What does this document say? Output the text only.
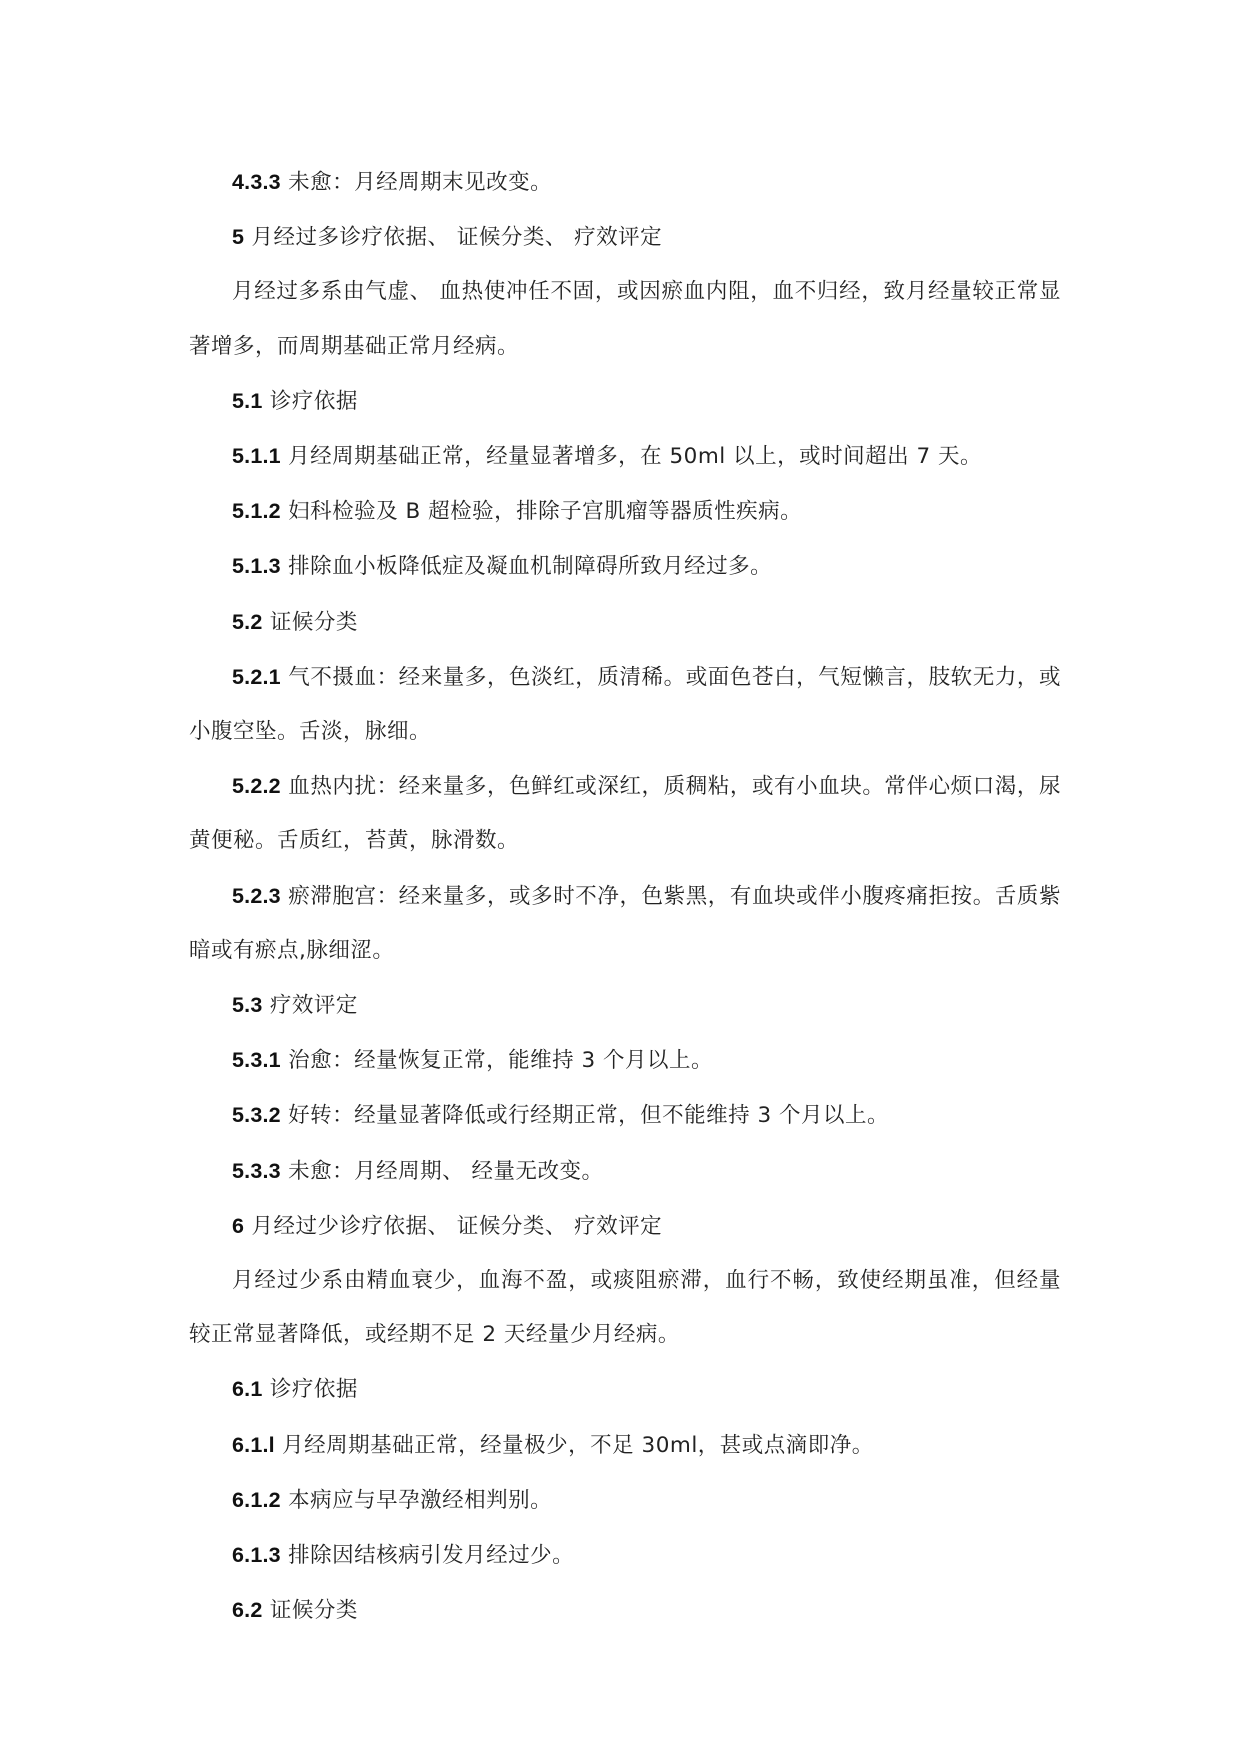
4.3.3 未愈：月经周期末见改变。

5 月经过多诊疗依据、 证候分类、 疗效评定

月经过多系由气虚、 血热使冲任不固，或因瘀血内阻，血不归经，致月经量较正常显著增多，而周期基础正常月经病。

5.1 诊疗依据

5.1.1 月经周期基础正常，经量显著增多，在 50ml 以上，或时间超出 7 天。

5.1.2 妇科检验及 B 超检验，排除子宫肌瘤等器质性疾病。

5.1.3 排除血小板降低症及凝血机制障碍所致月经过多。

5.2 证候分类

5.2.1 气不摄血：经来量多，色淡红，质清稀。或面色苍白，气短懒言，肢软无力，或小腹空坠。舌淡，脉细。

5.2.2 血热内扰：经来量多，色鲜红或深红，质稠粘，或有小血块。常伴心烦口渴，尿黄便秘。舌质红，苔黄，脉滑数。

5.2.3 瘀滞胞宫：经来量多，或多时不净，色紫黑，有血块或伴小腹疼痛拒按。舌质紫暗或有瘀点,脉细涩。

5.3 疗效评定

5.3.1 治愈：经量恢复正常，能维持 3 个月以上。

5.3.2 好转：经量显著降低或行经期正常，但不能维持 3 个月以上。

5.3.3 未愈：月经周期、 经量无改变。

6 月经过少诊疗依据、 证候分类、 疗效评定

月经过少系由精血衰少，血海不盈，或痰阻瘀滞，血行不畅，致使经期虽准，但经量较正常显著降低，或经期不足 2 天经量少月经病。

6.1 诊疗依据

6.1.l 月经周期基础正常，经量极少，不足 30ml，甚或点滴即净。

6.1.2 本病应与早孕激经相判别。

6.1.3 排除因结核病引发月经过少。

6.2 证候分类
